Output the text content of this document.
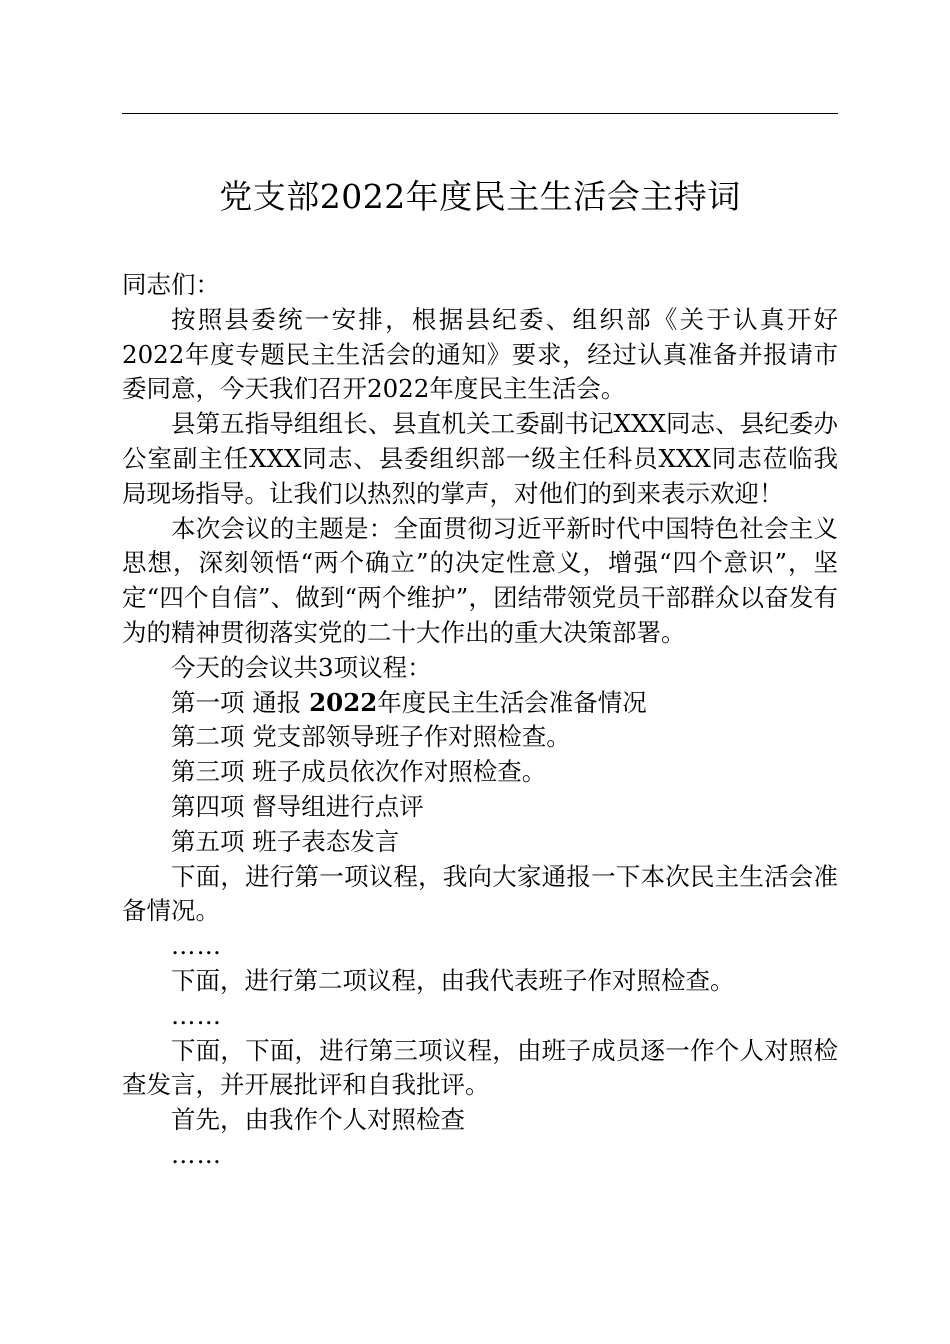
党支部2022年度民主生活会主持词

同志们：

按照县委统一安排，根据县纪委、组织部《关于认真开好2022年度专题民主生活会的通知》要求，经过认真准备并报请市委同意，今天我们召开2022年度民主生活会。

县第五指导组组长、县直机关工委副书记XXX同志、县纪委办公室副主任XXX同志、县委组织部一级主任科员XXX同志莅临我局现场指导。让我们以热烈的掌声，对他们的到来表示欢迎！

本次会议的主题是：全面贯彻习近平新时代中国特色社会主义思想，深刻领悟“两个确立”的决定性意义，增强“四个意识”，坚定“四个自信”、做到“两个维护”，团结带领党员干部群众以奋发有为的精神贯彻落实党的二十大作出的重大决策部署。

今天的会议共3项议程：

第一项 通报 2022年度民主生活会准备情况

第二项 党支部领导班子作对照检查。

第三项 班子成员依次作对照检查。

第四项 督导组进行点评

第五项 班子表态发言

下面，进行第一项议程，我向大家通报一下本次民主生活会准备情况。

……

下面，进行第二项议程，由我代表班子作对照检查。

……

下面，下面，进行第三项议程，由班子成员逐一作个人对照检查发言，并开展批评和自我批评。

首先，由我作个人对照检查

……
